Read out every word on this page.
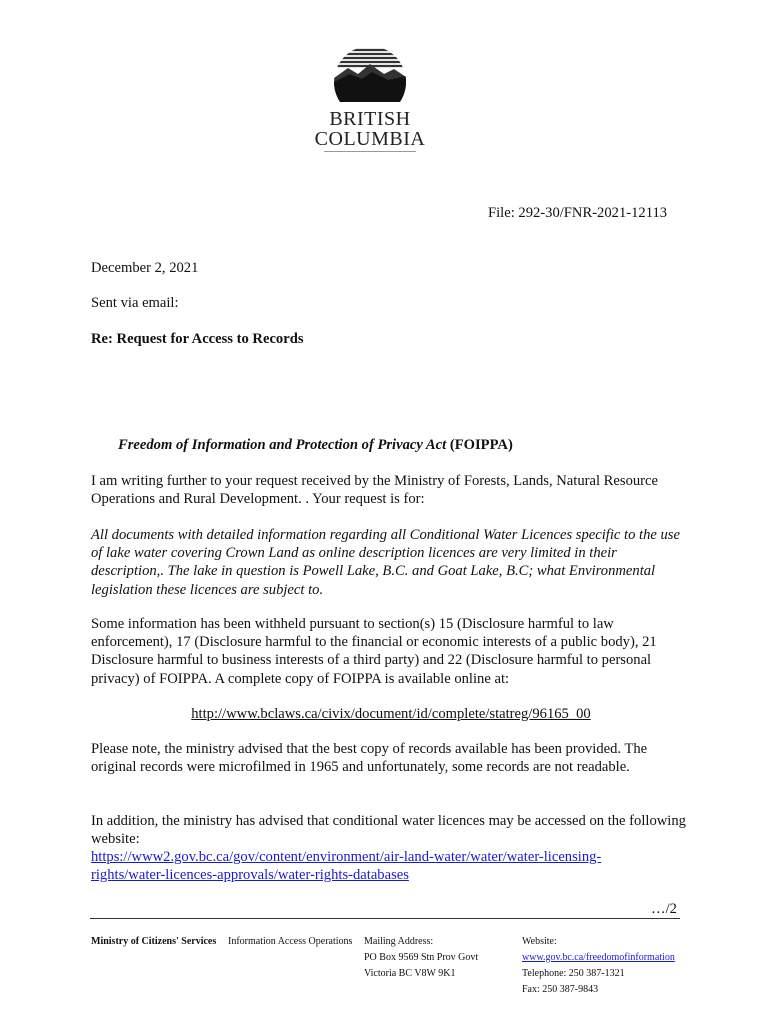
BRITISH
COLUMBIA
File: 292-30/FNR-2021-12113
December 2, 2021
Sent via email:
Re: Request for Access to Records
Freedom of Information and Protection of Privacy Act (FOIPPA)
I am writing further to your request received by the Ministry of Forests, Lands, Natural Resource Operations and Rural Development. . Your request is for:
All documents with detailed information regarding all Conditional Water Licences specific to the use of lake water covering Crown Land as online description licences are very limited in their description,. The lake in question is Powell Lake, B.C. and Goat Lake, B.C; what Environmental legislation these licences are subject to.
Some information has been withheld pursuant to section(s) 15 (Disclosure harmful to law enforcement), 17 (Disclosure harmful to the financial or economic interests of a public body), 21 Disclosure harmful to business interests of a third party) and 22 (Disclosure harmful to personal privacy) of FOIPPA. A complete copy of FOIPPA is available online at:
http://www.bclaws.ca/civix/document/id/complete/statreg/96165_00
Please note, the ministry advised that the best copy of records available has been provided. The original records were microfilmed in 1965 and unfortunately, some records are not readable.
In addition, the ministry has advised that conditional water licences may be accessed on the following website:
https://www2.gov.bc.ca/gov/content/environment/air-land-water/water/water-licensing-rights/water-licences-approvals/water-rights-databases
…/2
Ministry of Citizens' Services Information Access Operations Mailing Address:
PO Box 9569 Stn Prov Govt
Victoria BC V8W 9K1
Website:
www.gov.bc.ca/freedomofinformation
Telephone: 250 387-1321
Fax: 250 387-9843
